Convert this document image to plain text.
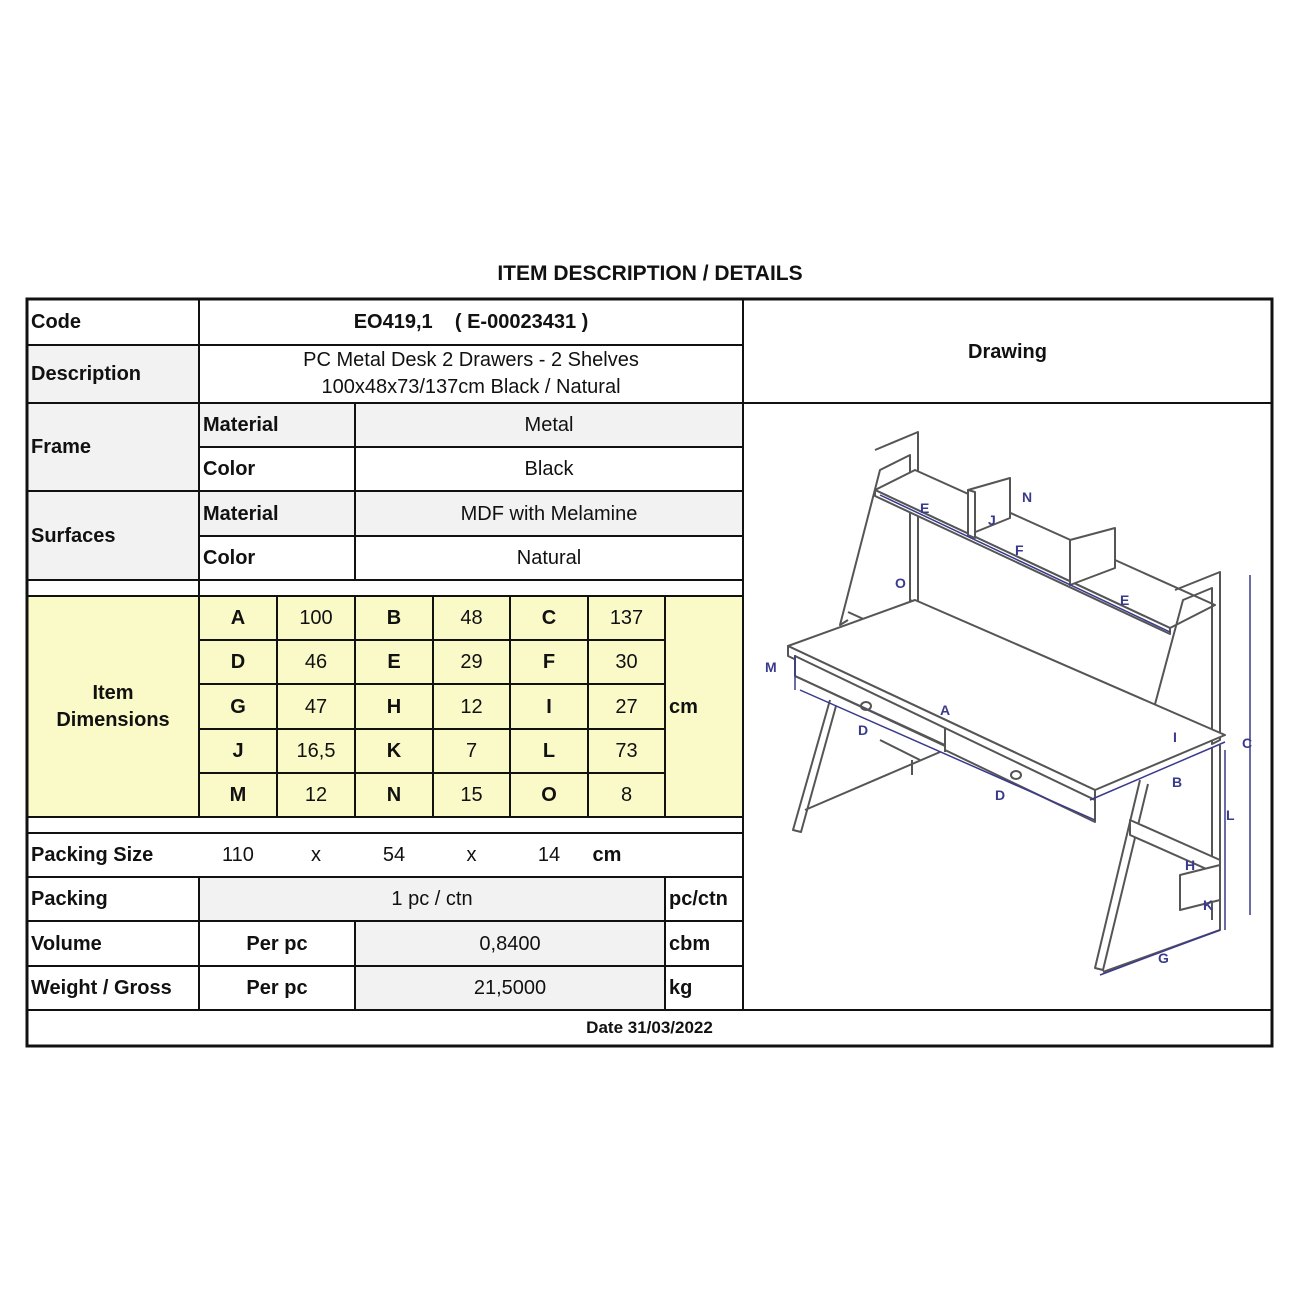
ITEM DESCRIPTION / DETAILS
Code	EO419,1    ( E-00023431 )
Description
PC Metal Desk 2 Drawers - 2 Shelves
100x48x73/137cm Black / Natural
Frame
Material	Metal
Color	Black
Surfaces
Material	MDF with Melamine
Color	Natural
Item
Dimensions
A	100	B	48	C	137
D	46	E	29	F	30
G	47	H	12	I	27
J	16,5	K	7	L	73
M	12	N	15	O	8
cm
Packing Size	110	x	54	x	14	cm
Packing	1 pc / ctn	pc/ctn
Volume	Per pc	0,8400	cbm
Weight / Gross	Per pc	21,5000	kg
Date 31/03/2022
Drawing
E
J
N
F
E
O
M
A
D
D
I
B
C
L
H
K
G
